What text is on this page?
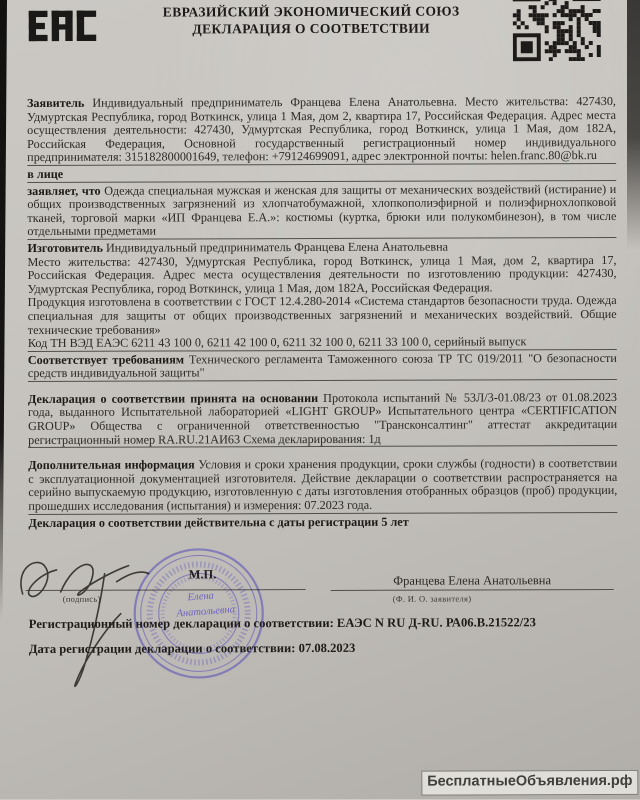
ЕВРАЗИЙСКИЙ ЭКОНОМИЧЕСКИЙ СОЮЗ
ДЕКЛАРАЦИЯ О СООТВЕТСТВИИ

Заявитель Индивидуальный предприниматель Францева Елена Анатольевна. Место жительства: 427430, Удмуртская Республика, город Воткинск, улица 1 Мая, дом 2, квартира 17, Российская Федерация. Адрес места осуществления деятельности: 427430, Удмуртская Республика, город Воткинск, улица 1 Мая, дом 182А, Российская Федерация, Основной государственный регистрационный номер индивидуального предпринимателя: 315182800001649, телефон: +79124699091, адрес электронной почты: helen.franc.80@bk.ru

в лице

заявляет, что Одежда специальная мужская и женская для защиты от механических воздействий (истирание) и общих производственных загрязнений из хлопчатобумажной, хлопкополиэфирной и полиэфирнохлопковой тканей, торговой марки «ИП Францева Е.А.»: костюмы (куртка, брюки или полукомбинезон), в том числе отдельными предметами

Изготовитель Индивидуальный предприниматель Францева Елена Анатольевна

Место жительства: 427430, Удмуртская Республика, город Воткинск, улица 1 Мая, дом 2, квартира 17, Российская Федерация. Адрес места осуществления деятельности по изготовлению продукции: 427430, Удмуртская Республика, город Воткинск, улица 1 Мая, дом 182А, Российская Федерация.

Продукция изготовлена в соответствии с ГОСТ 12.4.280-2014 «Система стандартов безопасности труда. Одежда специальная для защиты от общих производственных загрязнений и механических воздействий. Общие технические требования»

Код ТН ВЭД ЕАЭС 6211 43 100 0, 6211 42 100 0, 6211 32 100 0, 6211 33 100 0, серийный выпуск

Соответствует требованиям Технического регламента Таможенного союза ТР ТС 019/2011 "О безопасности средств индивидуальной защиты"

Декларация о соответствии принята на основании Протокола испытаний № 53Л/3-01.08/23 от 01.08.2023 года, выданного Испытательной лабораторией «LIGHT GROUP» Испытательного центра «CERTIFICATION GROUP» Общества с ограниченной ответственностью "Трансконсалтинг" аттестат аккредитации регистрационный номер RA.RU.21АИ63 Схема декларирования: 1д

Дополнительная информация Условия и сроки хранения продукции, сроки службы (годности) в соответствии с эксплуатационной документацией изготовителя. Действие декларации о соответствии распространяется на серийно выпускаемую продукцию, изготовленную с даты изготовления отобранных образцов (проб) продукции, прошедших исследования (испытания) и измерения: 07.2023 года.

Декларация о соответствии действительна с даты регистрации 5 лет

(подпись)
Францева Елена Анатольевна
(Ф. И. О. заявителя)
М.П.
Елена
Анатольевна
Регистрационный номер декларации о соответствии: ЕАЭС N RU Д-RU. РА06.В.21522/23
Дата регистрации декларации о соответствии: 07.08.2023
БесплатныеОбъявления.рф
